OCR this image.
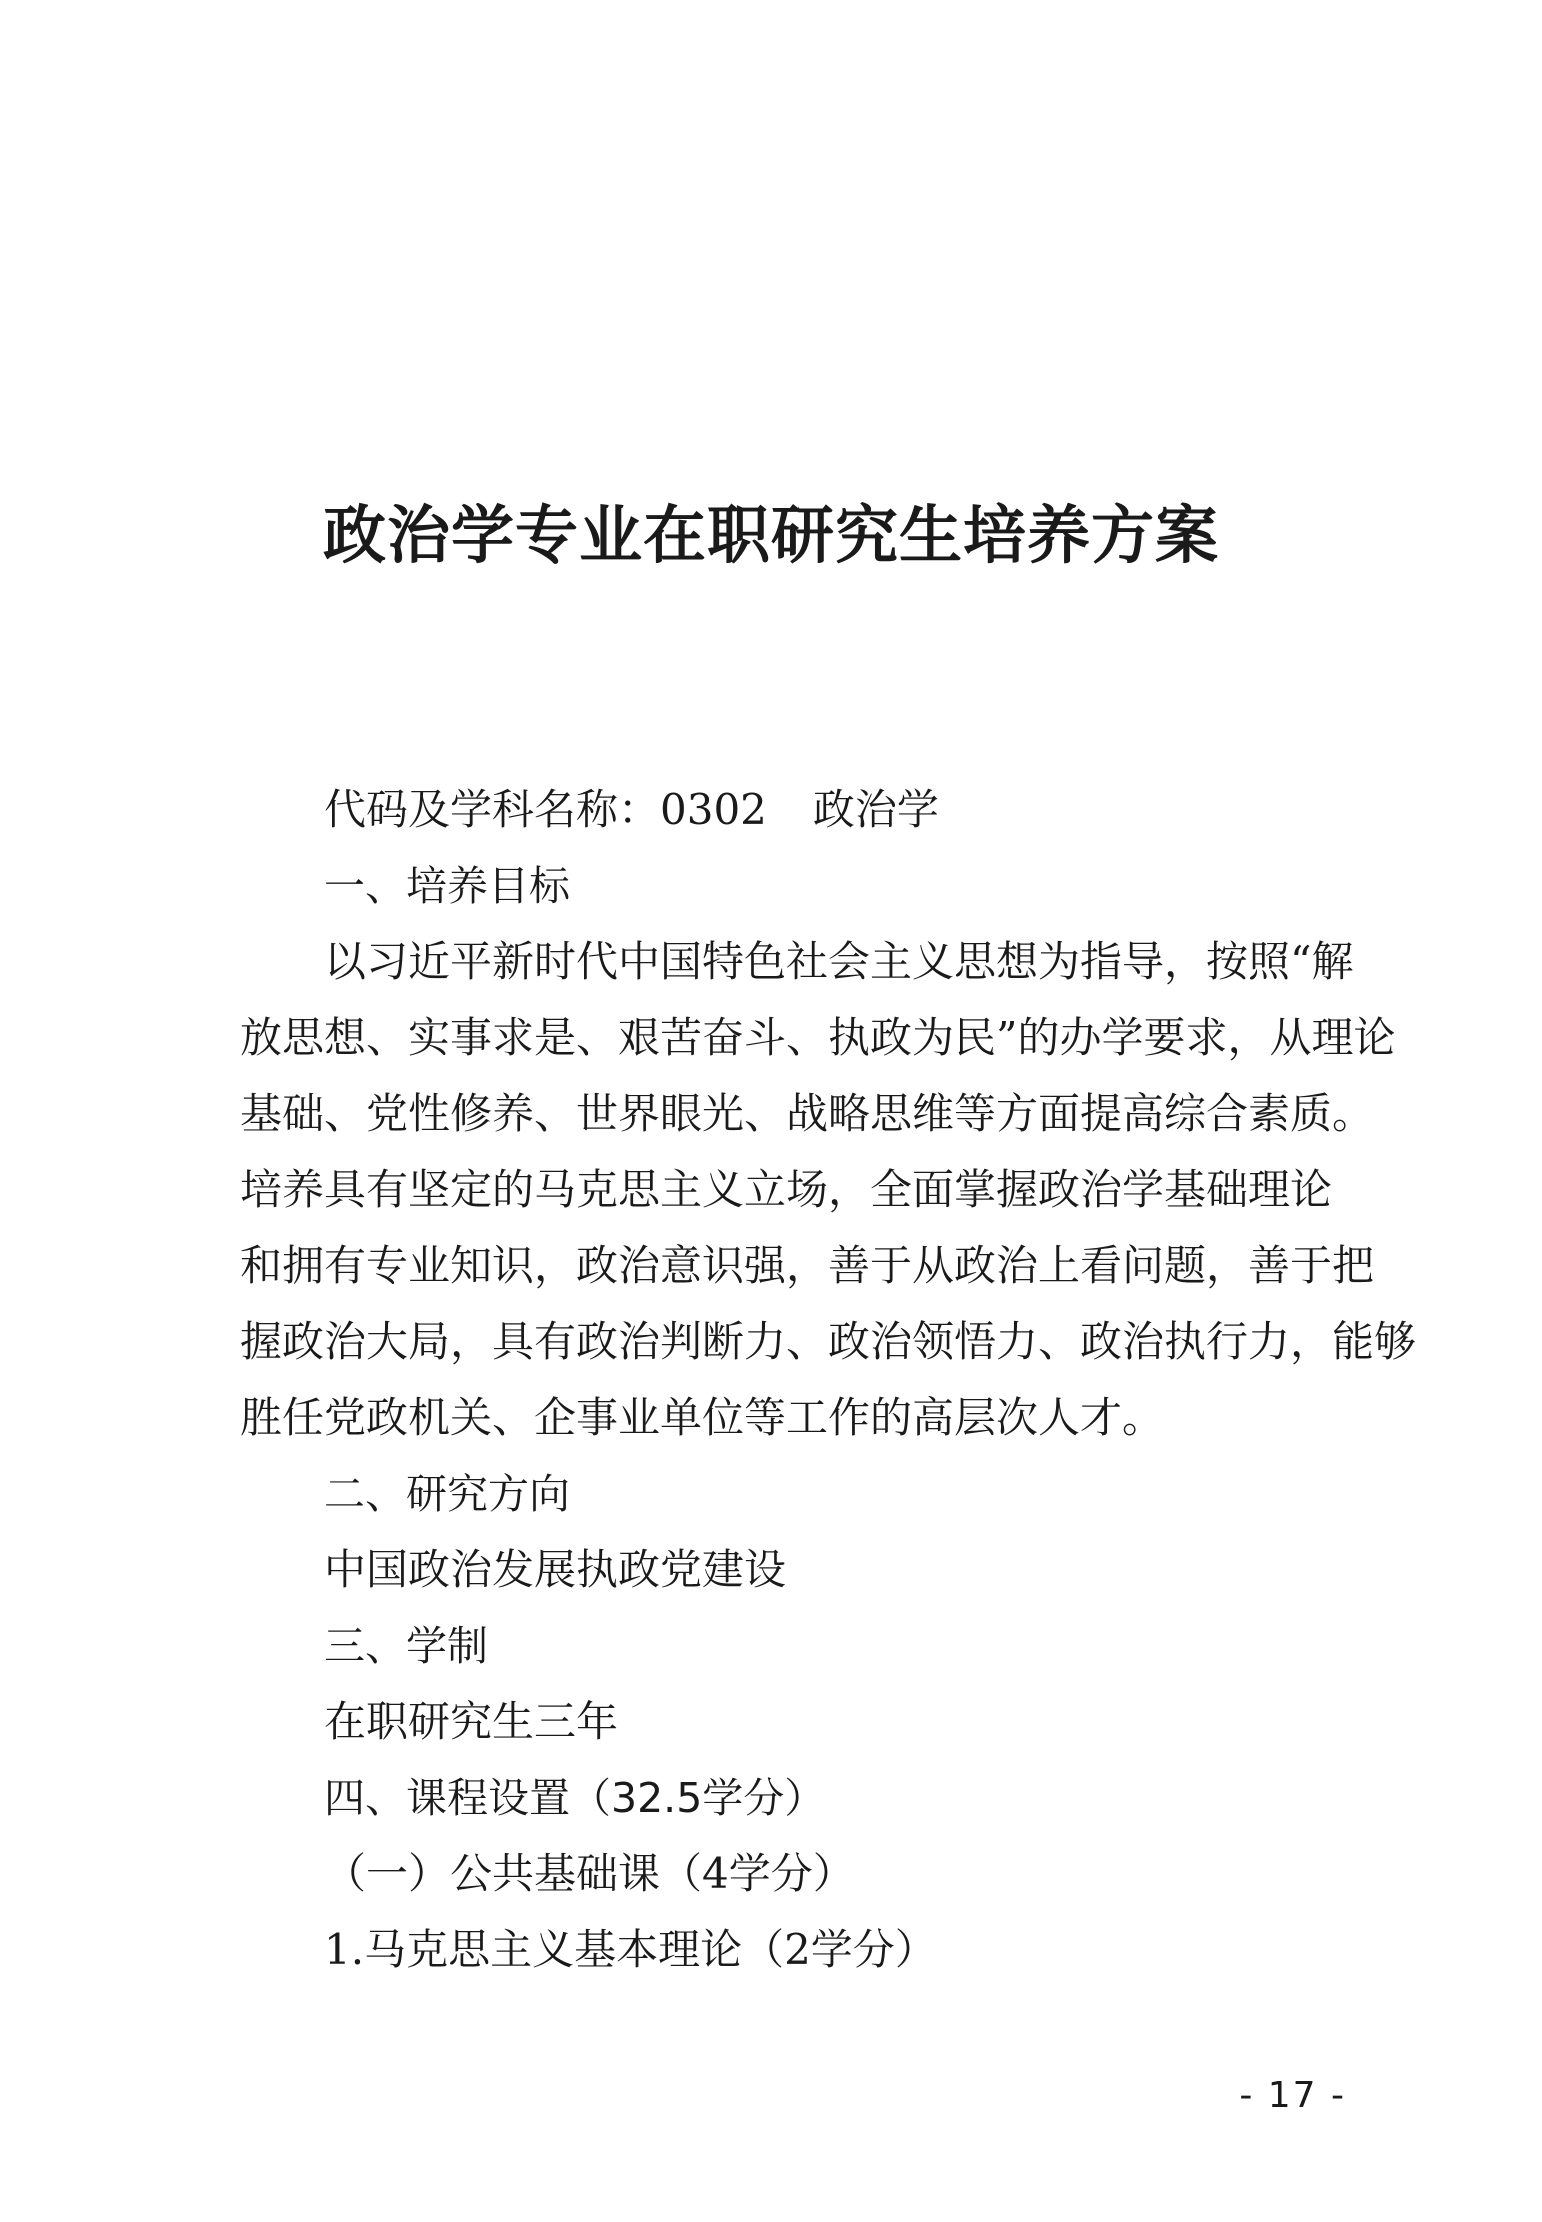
政治学专业在职研究生培养方案

代码及学科名称：0302 政治学

一、培养目标

以习近平新时代中国特色社会主义思想为指导，按照“解

放思想、实事求是、艰苦奋斗、执政为民”的办学要求，从理论

基础、党性修养、世界眼光、战略思维等方面提高综合素质。

培养具有坚定的马克思主义立场，全面掌握政治学基础理论

和拥有专业知识，政治意识强，善于从政治上看问题，善于把

握政治大局，具有政治判断力、政治领悟力、政治执行力，能够

胜任党政机关、企事业单位等工作的高层次人才。

二、研究方向

中国政治发展执政党建设

三、学制

在职研究生三年

四、课程设置（32.5学分）

（一）公共基础课（4学分）

1.马克思主义基本理论（2学分）

- 17 -
